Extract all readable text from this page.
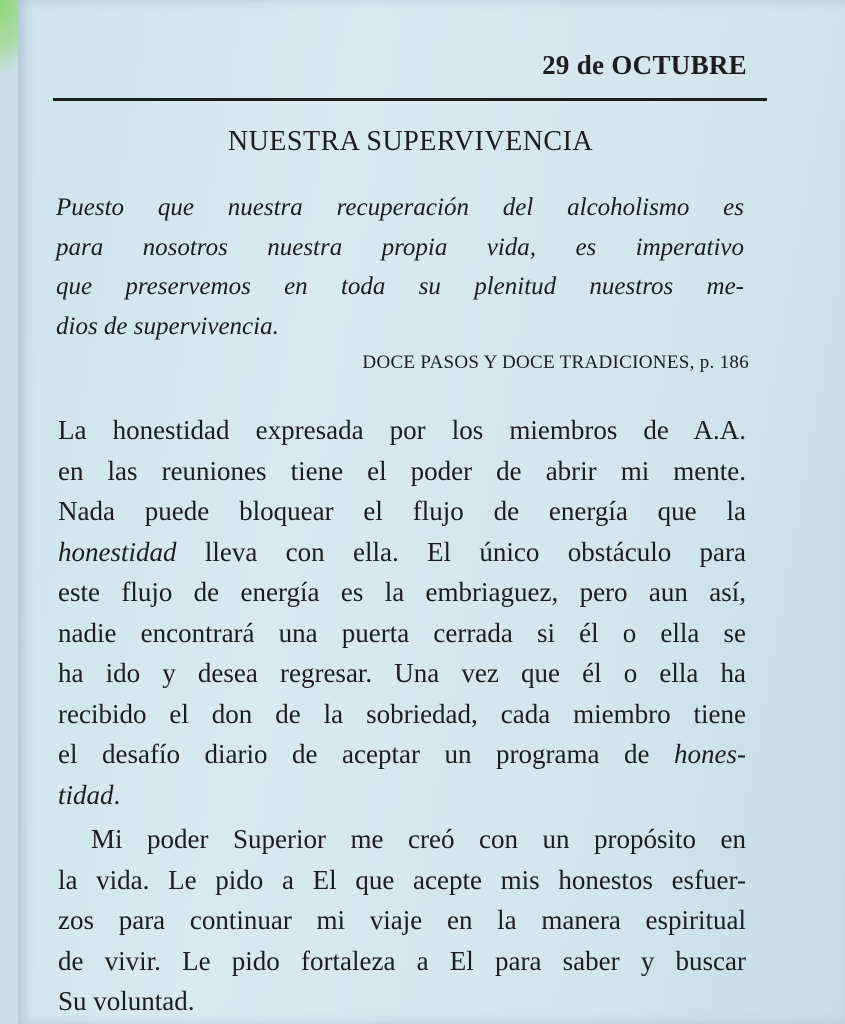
29 de OCTUBRE
NUESTRA SUPERVIVENCIA
Puesto que nuestra recuperación del alcoholismo es
para nosotros nuestra propia vida, es imperativo
que preservemos en toda su plenitud nuestros me-
dios de supervivencia.
DOCE PASOS Y DOCE TRADICIONES, p. 186
La honestidad expresada por los miembros de A.A.
en las reuniones tiene el poder de abrir mi mente.
Nada puede bloquear el flujo de energía que la
honestidad lleva con ella. El único obstáculo para
este flujo de energía es la embriaguez, pero aun así,
nadie encontrará una puerta cerrada si él o ella se
ha ido y desea regresar. Una vez que él o ella ha
recibido el don de la sobriedad, cada miembro tiene
el desafío diario de aceptar un programa de hones-
tidad.
Mi poder Superior me creó con un propósito en
la vida. Le pido a El que acepte mis honestos esfuer-
zos para continuar mi viaje en la manera espiritual
de vivir. Le pido fortaleza a El para saber y buscar
Su voluntad.
